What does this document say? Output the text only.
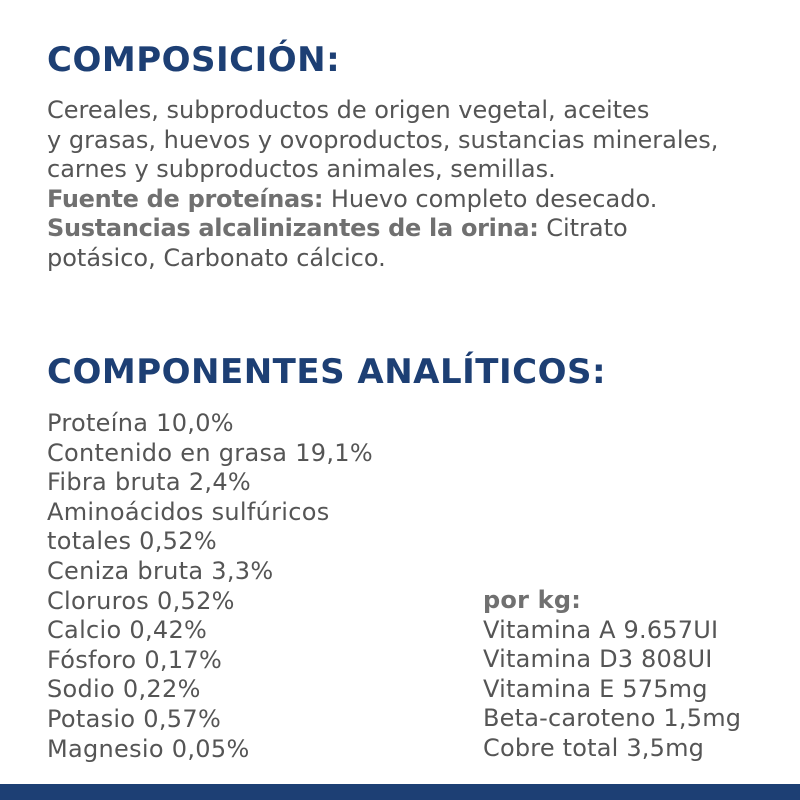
COMPOSICIÓN:
Cereales, subproductos de origen vegetal, aceites
y grasas, huevos y ovoproductos, sustancias minerales,
carnes y subproductos animales, semillas.
Fuente de proteínas: Huevo completo desecado.
Sustancias alcalinizantes de la orina: Citrato
potásico, Carbonato cálcico.
COMPONENTES ANALÍTICOS:
Proteína 10,0%
Contenido en grasa 19,1%
Fibra bruta 2,4%
Aminoácidos sulfúricos
totales 0,52%
Ceniza bruta 3,3%
Cloruros 0,52%
Calcio 0,42%
Fósforo 0,17%
Sodio 0,22%
Potasio 0,57%
Magnesio 0,05%
por kg:
Vitamina A 9.657UI
Vitamina D3 808UI
Vitamina E 575mg
Beta-caroteno 1,5mg
Cobre total 3,5mg
